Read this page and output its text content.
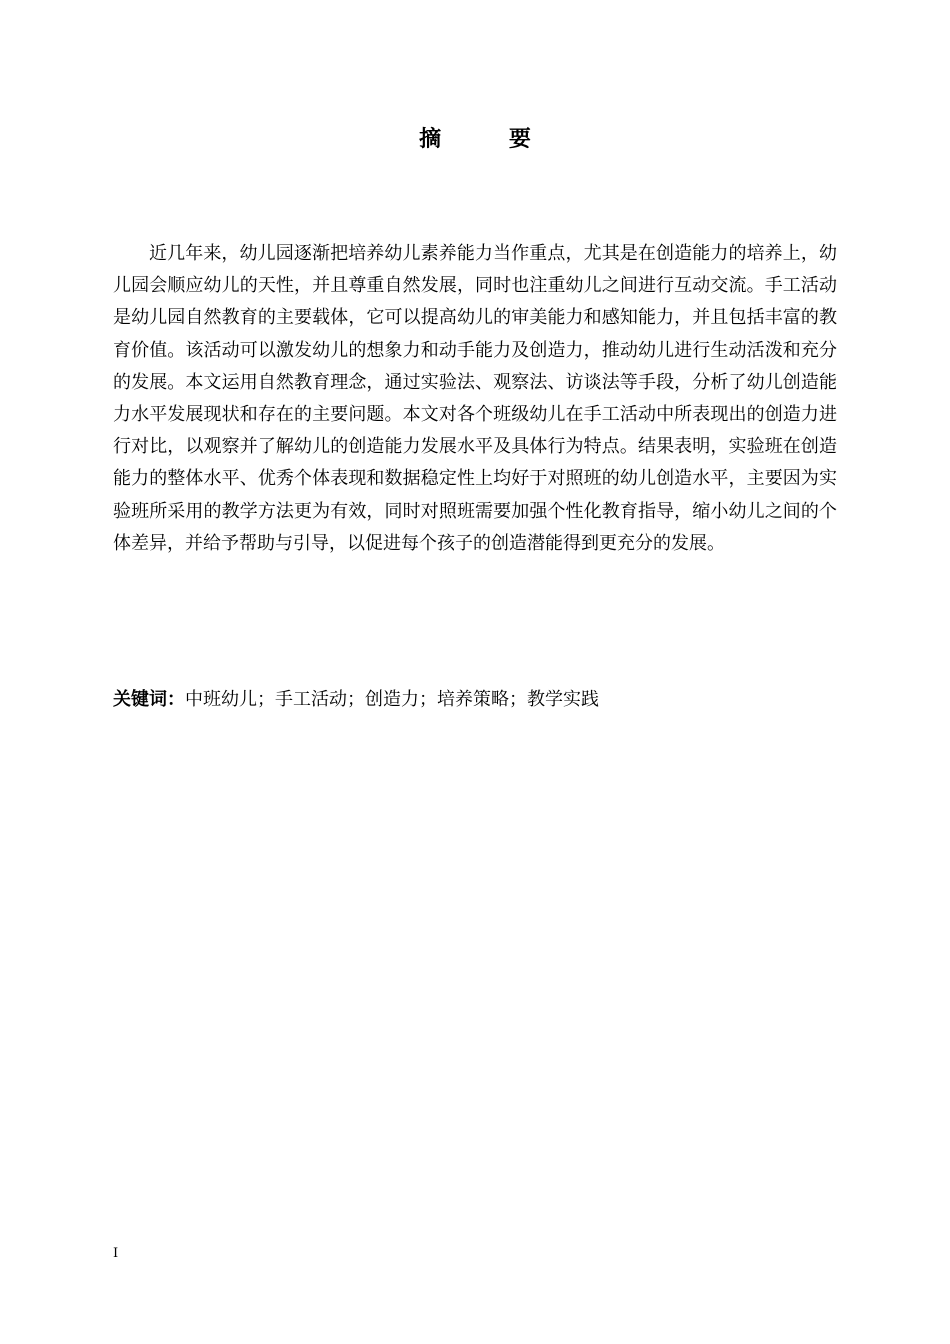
摘 要

近几年来，幼儿园逐渐把培养幼儿素养能力当作重点，尤其是在创造能力的培养上，幼儿园会顺应幼儿的天性，并且尊重自然发展，同时也注重幼儿之间进行互动交流。手工活动是幼儿园自然教育的主要载体，它可以提高幼儿的审美能力和感知能力，并且包括丰富的教育价值。该活动可以激发幼儿的想象力和动手能力及创造力，推动幼儿进行生动活泼和充分的发展。本文运用自然教育理念，通过实验法、观察法、访谈法等手段，分析了幼儿创造能力水平发展现状和存在的主要问题。本文对各个班级幼儿在手工活动中所表现出的创造力进行对比，以观察并了解幼儿的创造能力发展水平及具体行为特点。结果表明，实验班在创造能力的整体水平、优秀个体表现和数据稳定性上均好于对照班的幼儿创造水平，主要因为实验班所采用的教学方法更为有效，同时对照班需要加强个性化教育指导，缩小幼儿之间的个体差异，并给予帮助与引导，以促进每个孩子的创造潜能得到更充分的发展。

关键词：中班幼儿；手工活动；创造力；培养策略；教学实践

I
